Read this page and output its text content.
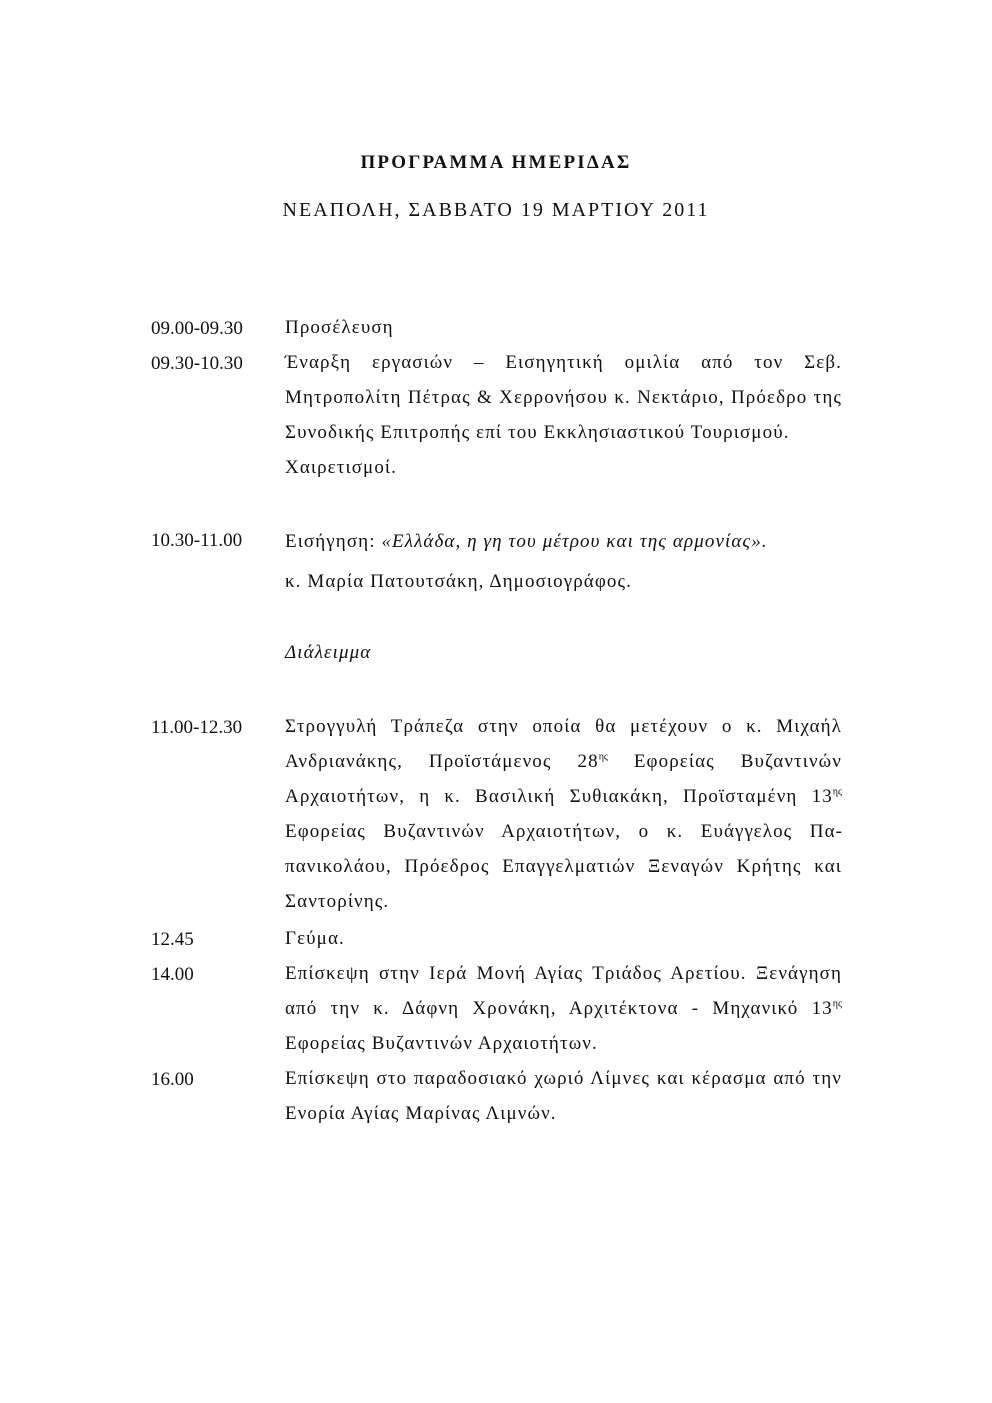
ΠΡΟΓΡΑΜΜΑ ΗΜΕΡΙΔΑΣ
ΝΕΑΠΟΛΗ, ΣΑΒΒΑΤΟ 19 ΜΑΡΤΙΟΥ 2011
09.00-09.30 Προσέλευση
09.30-10.30 Έναρξη εργασιών – Εισηγητική ομιλία από τον Σεβ. Μητροπολίτη Πέτρας & Χερρονήσου κ. Νεκτάριο, Πρόεδρο της Συνοδικής Επιτροπής επί του Εκκλησιαστικού Τουρισμού.
Χαιρετισμοί.
10.30-11.00 Εισήγηση: «Ελλάδα, η γη του μέτρου και της αρμονίας».
κ. Μαρία Πατουτσάκη, Δημοσιογράφος.
Διάλειμμα
11.00-12.30 Στρογγυλή Τράπεζα στην οποία θα μετέχουν ο κ. Μιχαήλ Ανδριανάκης, Προϊστάμενος $28^{\eta\varsigma}$ Εφορείας Βυζαντινών Αρχαιοτήτων, η κ. Βασιλική Συθιακάκη, Προϊσταμένη $13^{\eta\varsigma}$ Εφορείας Βυζαντινών Αρχαιοτήτων, ο κ. Ευάγγελος Παπανικολάου, Πρόεδρος Επαγγελματιών Ξεναγών Κρήτης και Σαντορίνης.
12.45	Γεύμα.
14.00	Επίσκεψη στην Ιερά Μονή Αγίας Τριάδος Αρετίου. Ξενάγηση από την κ. Δάφνη Χρονάκη, Αρχιτέκτονα - Μηχανικό $13^{\eta\varsigma}$ Εφορείας Βυζαντινών Αρχαιοτήτων.
16.00	Επίσκεψη στο παραδοσιακό χωριό Λίμνες και κέρασμα από την Ενορία Αγίας Μαρίνας Λιμνών.
